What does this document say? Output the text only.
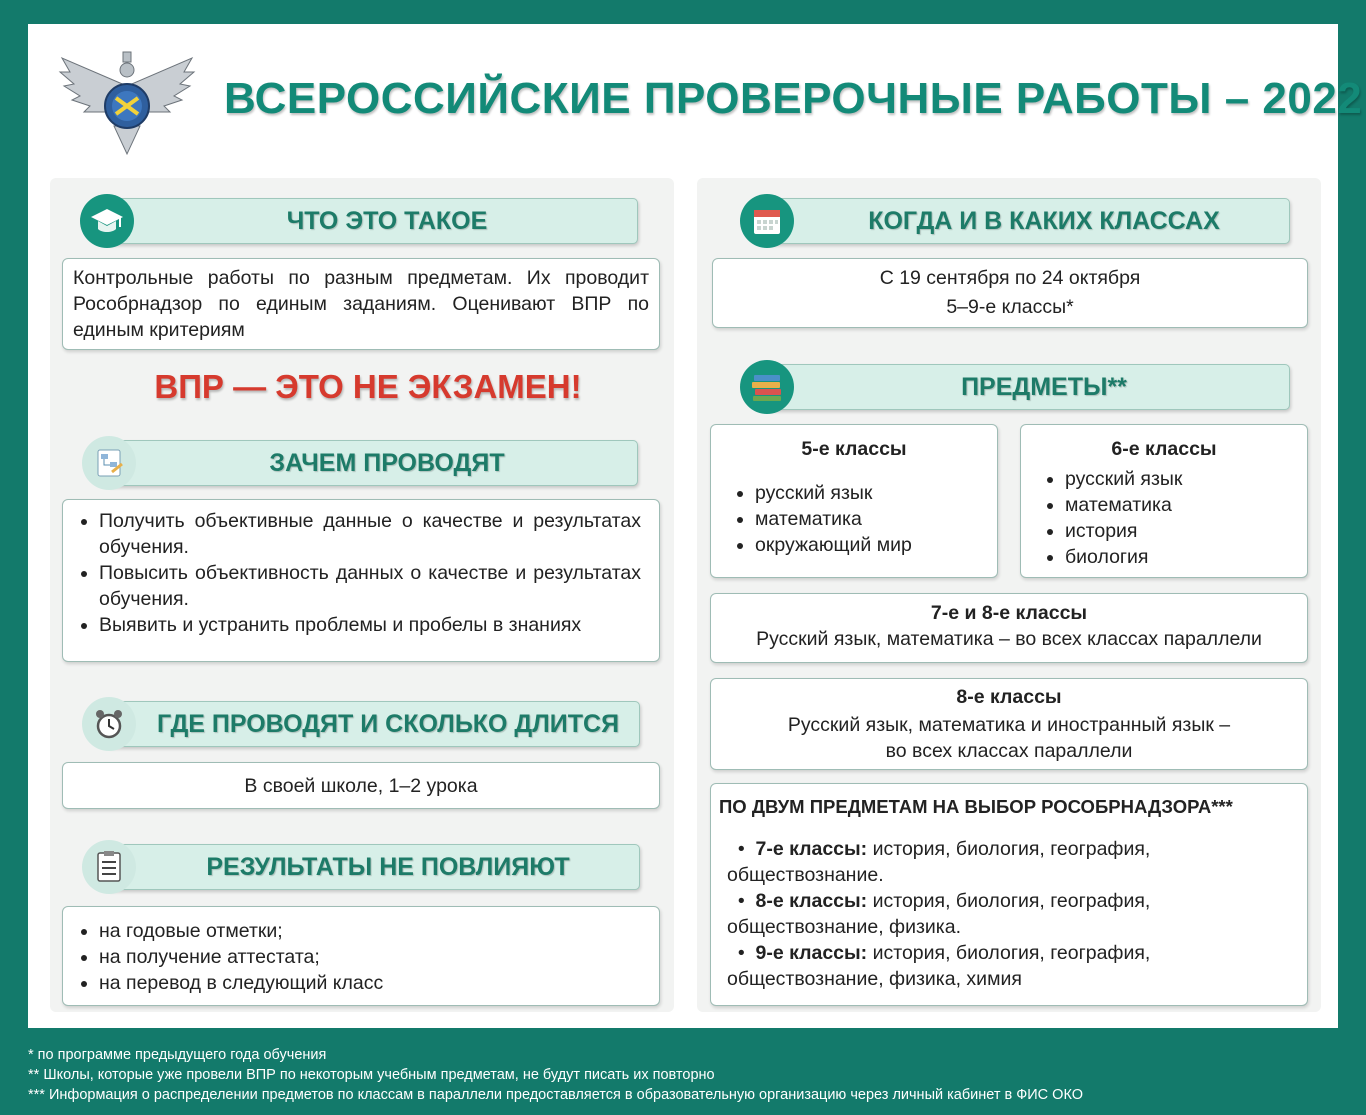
ВСЕРОССИЙСКИЕ ПРОВЕРОЧНЫЕ РАБОТЫ – 2022
ЧТО ЭТО ТАКОЕ
Контрольные работы по разным предметам. Их проводит Рособрнадзор по единым заданиям. Оценивают ВПР по единым критериям
ВПР — ЭТО НЕ ЭКЗАМЕН!
ЗАЧЕМ ПРОВОДЯТ
• Получить объективные данные о качестве и результатах обучения.
• Повысить объективность данных о качестве и результатах обучения.
• Выявить и устранить проблемы и пробелы в знаниях
ГДЕ ПРОВОДЯТ И СКОЛЬКО ДЛИТСЯ
В своей школе, 1–2 урока
РЕЗУЛЬТАТЫ НЕ ПОВЛИЯЮТ
• на годовые отметки;
• на получение аттестата;
• на перевод в следующий класс
КОГДА И В КАКИХ КЛАССАХ
С 19 сентября по 24 октября
5–9-е классы*
ПРЕДМЕТЫ**
5-е классы
• русский язык
• математика
• окружающий мир
6-е классы
• русский язык
• математика
• история
• биология
7-е и 8-е классы
Русский язык, математика – во всех классах параллели
8-е классы
Русский язык, математика и иностранный язык –
во всех классах параллели
ПО ДВУМ ПРЕДМЕТАМ НА ВЫБОР РОСОБРНАДЗОРА***
•  7-е классы: история, биология, география,
обществознание.
•  8-е классы: история, биология, география,
обществознание, физика.
•  9-е классы: история, биология, география,
обществознание, физика, химия
* по программе предыдущего года обучения
** Школы, которые уже провели ВПР по некоторым учебным предметам, не будут писать их повторно
*** Информация о распределении предметов по классам в параллели предоставляется в образовательную организацию через личный кабинет в ФИС ОКО
